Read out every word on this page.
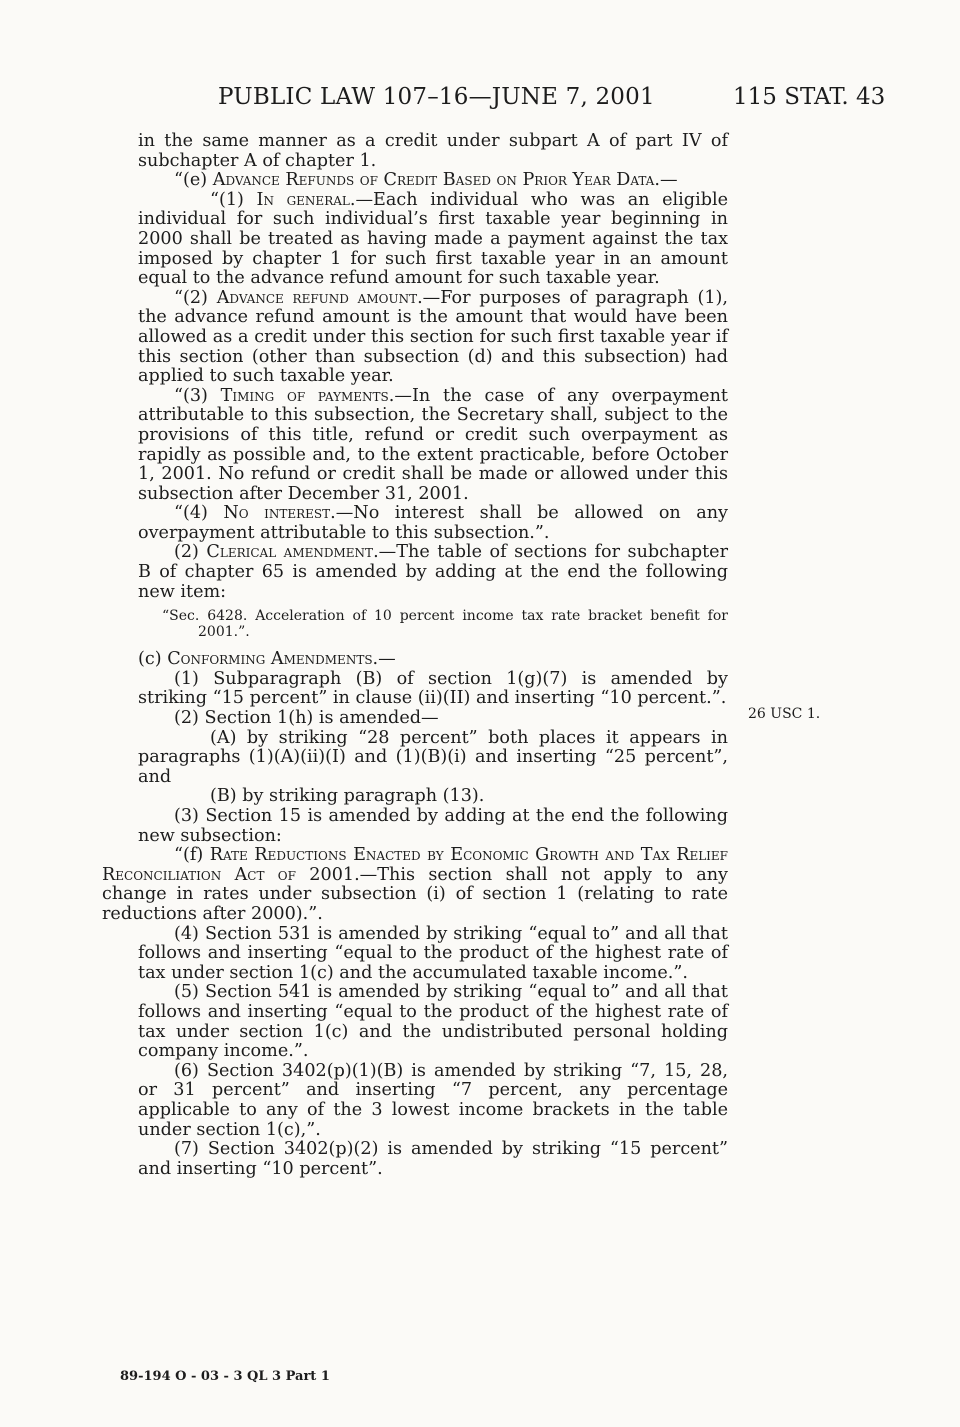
PUBLIC LAW 107–16—JUNE 7, 2001	115 STAT. 43

in the same manner as a credit under subpart A of part IV of subchapter A of chapter 1.

“(e) Advance Refunds of Credit Based on Prior Year Data.—

“(1) In general.—Each individual who was an eligible individual for such individual’s first taxable year beginning in 2000 shall be treated as having made a payment against the tax imposed by chapter 1 for such first taxable year in an amount equal to the advance refund amount for such taxable year.

“(2) Advance refund amount.—For purposes of paragraph (1), the advance refund amount is the amount that would have been allowed as a credit under this section for such first taxable year if this section (other than subsection (d) and this subsection) had applied to such taxable year.

“(3) Timing of payments.—In the case of any overpayment attributable to this subsection, the Secretary shall, subject to the provisions of this title, refund or credit such overpayment as rapidly as possible and, to the extent practicable, before October 1, 2001. No refund or credit shall be made or allowed under this subsection after December 31, 2001.

“(4) No interest.—No interest shall be allowed on any overpayment attributable to this subsection.”.

(2) Clerical amendment.—The table of sections for subchapter B of chapter 65 is amended by adding at the end the following new item:

“Sec. 6428. Acceleration of 10 percent income tax rate bracket benefit for 2001.”.

(c) Conforming Amendments.—

(1) Subparagraph (B) of section 1(g)(7) is amended by striking “15 percent” in clause (ii)(II) and inserting “10 percent.”.

(2) Section 1(h) is amended—

(A) by striking “28 percent” both places it appears in paragraphs (1)(A)(ii)(I) and (1)(B)(i) and inserting “25 percent”, and

(B) by striking paragraph (13).

(3) Section 15 is amended by adding at the end the following new subsection:

“(f) Rate Reductions Enacted by Economic Growth and Tax Relief Reconciliation Act of 2001.—This section shall not apply to any change in rates under subsection (i) of section 1 (relating to rate reductions after 2000).”.

(4) Section 531 is amended by striking “equal to” and all that follows and inserting “equal to the product of the highest rate of tax under section 1(c) and the accumulated taxable income.”.

(5) Section 541 is amended by striking “equal to” and all that follows and inserting “equal to the product of the highest rate of tax under section 1(c) and the undistributed personal holding company income.”.

(6) Section 3402(p)(1)(B) is amended by striking “7, 15, 28, or 31 percent” and inserting “7 percent, any percentage applicable to any of the 3 lowest income brackets in the table under section 1(c),”.

(7) Section 3402(p)(2) is amended by striking “15 percent” and inserting “10 percent”.

26 USC 1.
89-194 O - 03 - 3 QL 3 Part 1
